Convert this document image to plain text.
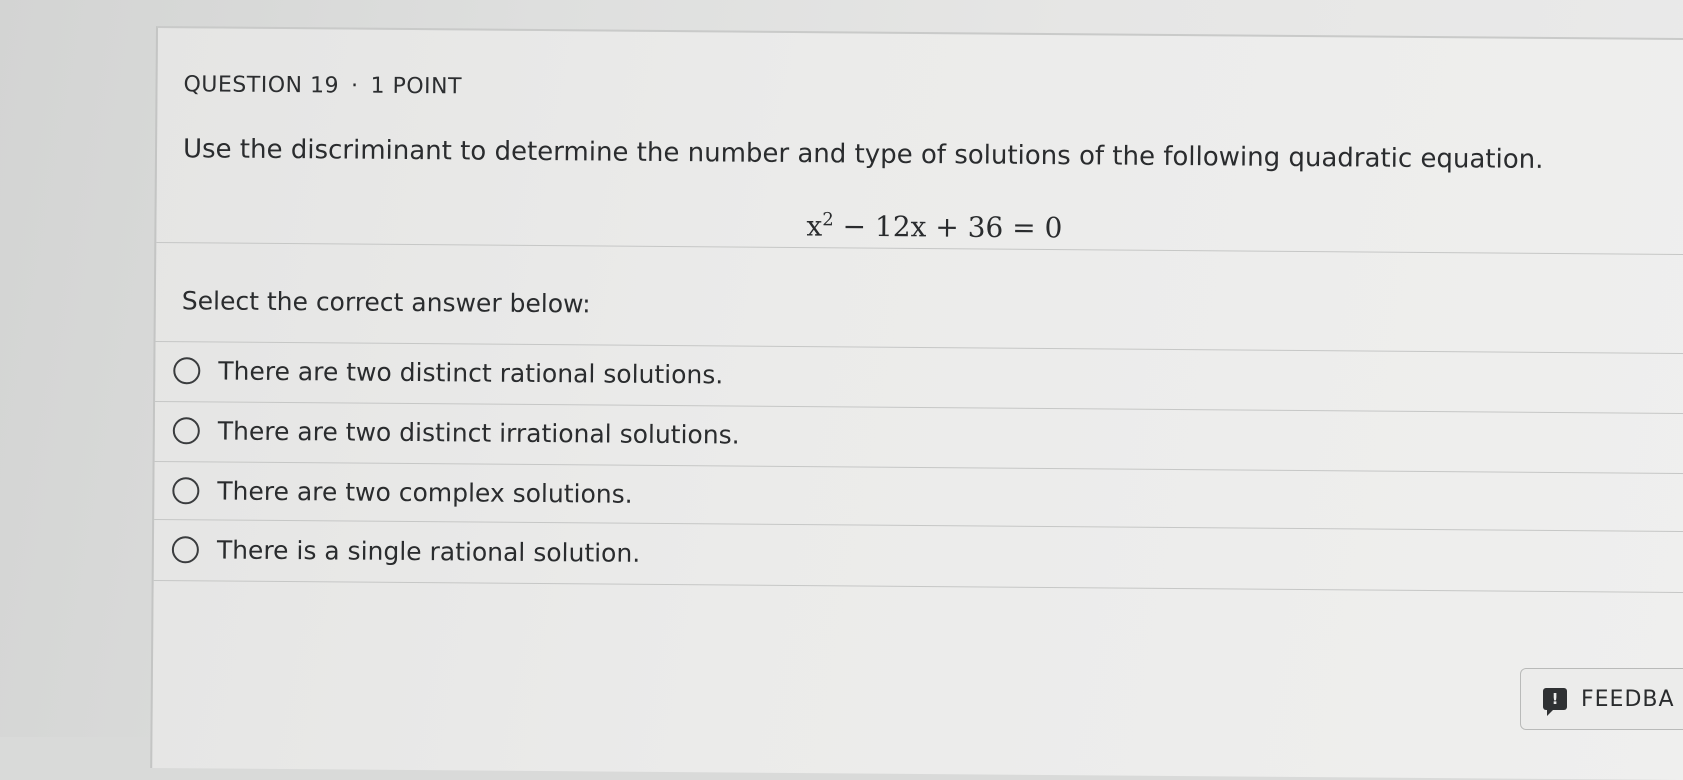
QUESTION 19 · 1 POINT
Use the discriminant to determine the number and type of solutions of the following quadratic equation.
$x^2 - 12x + 36 = 0$
Select the correct answer below:
There are two distinct rational solutions.
There are two distinct irrational solutions.
There are two complex solutions.
There is a single rational solution.
!	FEEDBA
